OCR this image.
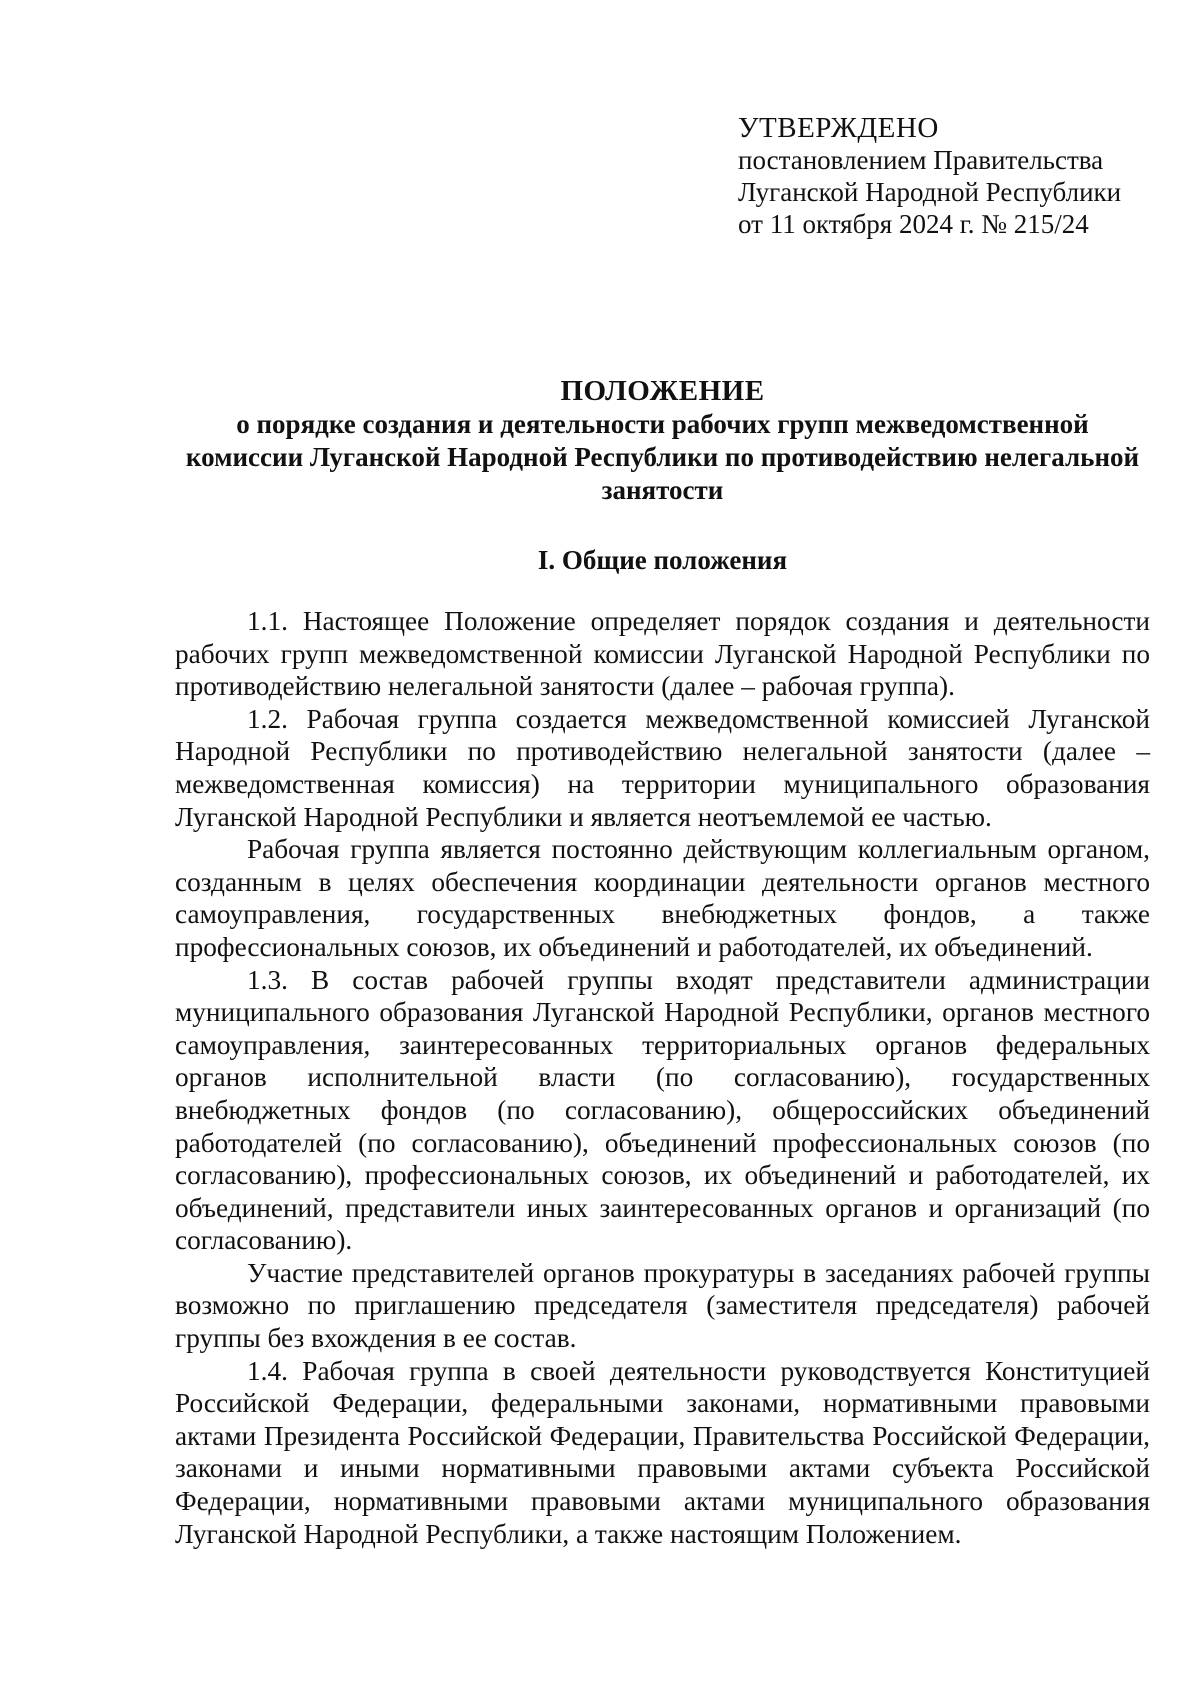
УТВЕРЖДЕНО
постановлением Правительства
Луганской Народной Республики
от 11 октября 2024 г. № 215/24
ПОЛОЖЕНИЕ
о порядке создания и деятельности рабочих групп межведомственной комиссии Луганской Народной Республики по противодействию нелегальной занятости
I. Общие положения

1.1. Настоящее Положение определяет порядок создания и деятельности рабочих групп межведомственной комиссии Луганской Народной Республики по противодействию нелегальной занятости (далее – рабочая группа).

1.2. Рабочая группа создается межведомственной комиссией Луганской Народной Республики по противодействию нелегальной занятости (далее – межведомственная комиссия) на территории муниципального образования Луганской Народной Республики и является неотъемлемой ее частью.

Рабочая группа является постоянно действующим коллегиальным органом, созданным в целях обеспечения координации деятельности органов местного самоуправления, государственных внебюджетных фондов, а также профессиональных союзов, их объединений и работодателей, их объединений.

1.3. В состав рабочей группы входят представители администрации муниципального образования Луганской Народной Республики, органов местного самоуправления, заинтересованных территориальных органов федеральных органов исполнительной власти (по согласованию), государственных внебюджетных фондов (по согласованию), общероссийских объединений работодателей (по согласованию), объединений профессиональных союзов (по согласованию), профессиональных союзов, их объединений и работодателей, их объединений, представители иных заинтересованных органов и организаций (по согласованию).

Участие представителей органов прокуратуры в заседаниях рабочей группы возможно по приглашению председателя (заместителя председателя) рабочей группы без вхождения в ее состав.

1.4. Рабочая группа в своей деятельности руководствуется Конституцией Российской Федерации, федеральными законами, нормативными правовыми актами Президента Российской Федерации, Правительства Российской Федерации, законами и иными нормативными правовыми актами субъекта Российской Федерации, нормативными правовыми актами муниципального образования Луганской Народной Республики, а также настоящим Положением.
